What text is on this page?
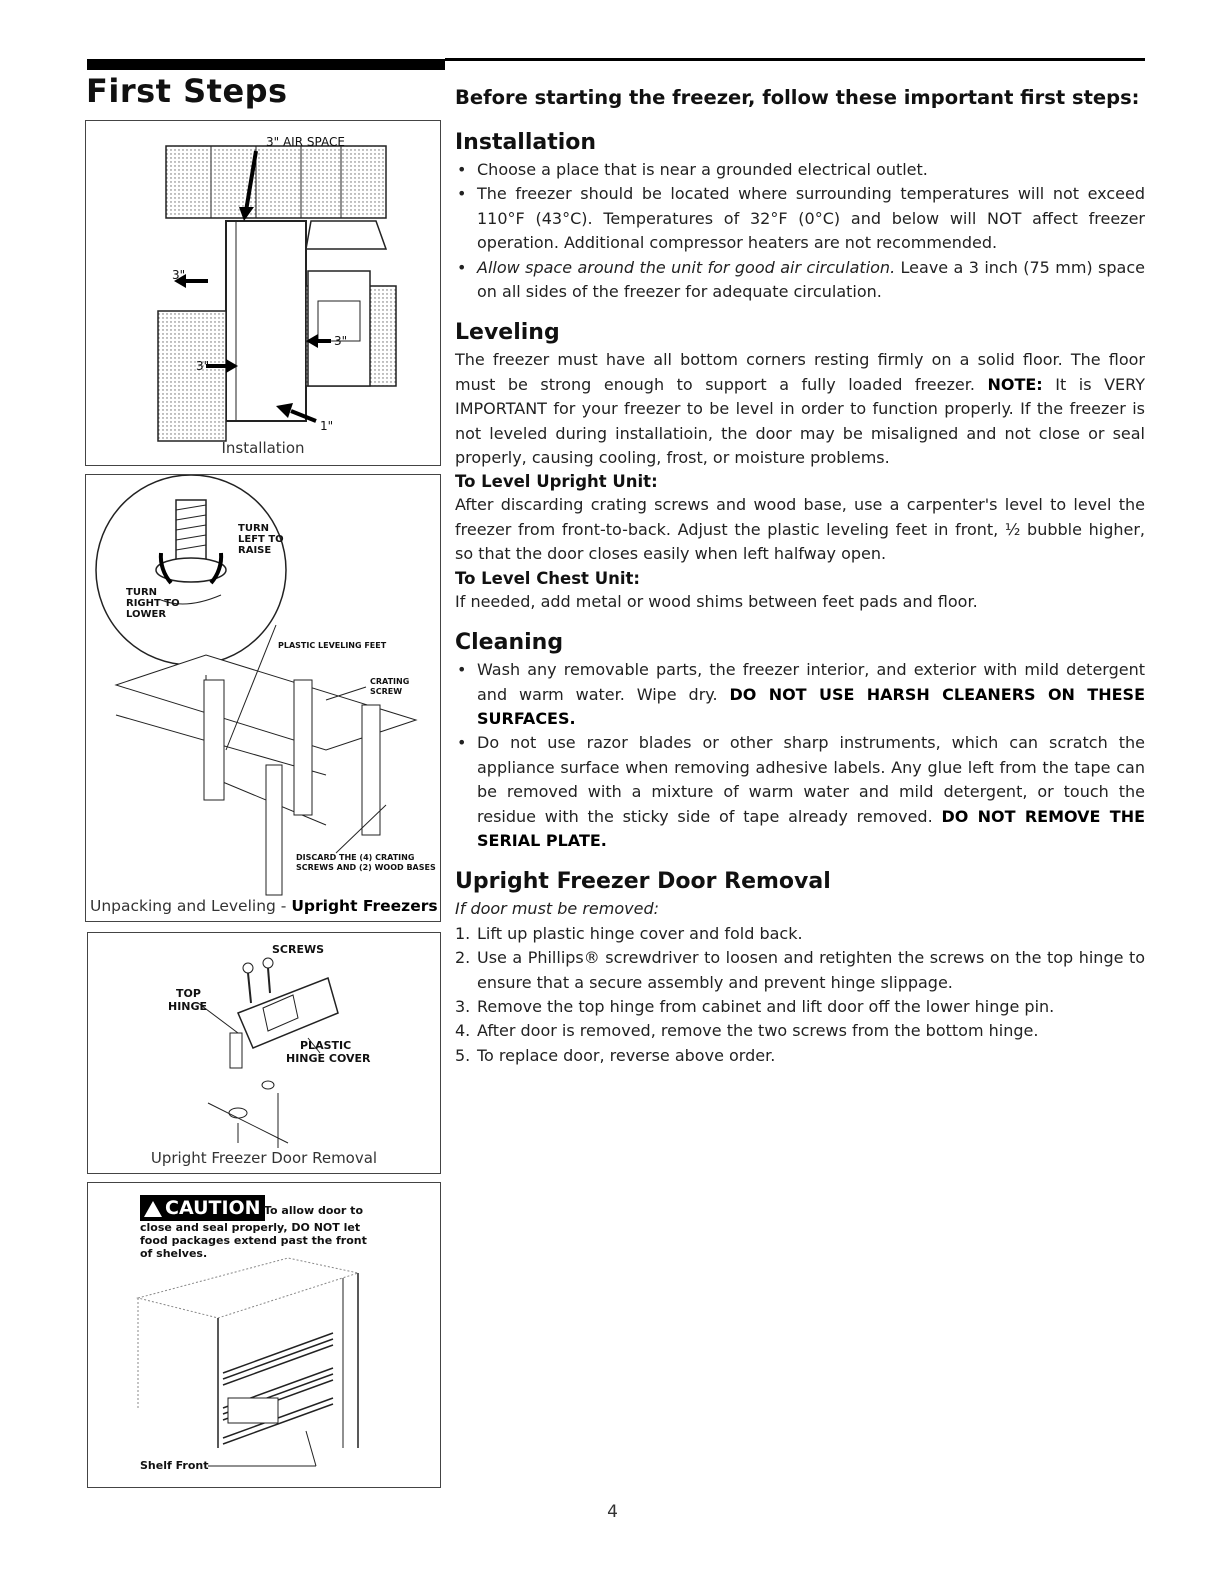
First Steps	Before starting the freezer, follow these important first steps:
3" AIR SPACE
3"
3"
3"
1"
Installation
TURN
LEFT TO
RAISE
TURN
RIGHT TO
LOWER
PLASTIC LEVELING FEET
CRATING
SCREW
DISCARD THE (4) CRATING
SCREWS AND (2) WOOD BASES
Unpacking and Leveling - Upright Freezers
SCREWS
TOP
HINGE
PLASTIC
HINGE COVER
Upright Freezer Door Removal
CAUTION To allow door to
close and seal properly, DO NOT let
food packages extend past the front
of shelves.
Shelf Front
Installation
• Choose a place that is near a grounded electrical outlet.
• The freezer should be located where surrounding temperatures will not exceed 110°F (43°C). Temperatures of 32°F (0°C) and below will NOT affect freezer operation. Additional compressor heaters are not recommended.
• Allow space around the unit for good air circulation. Leave a 3 inch (75 mm) space on all sides of the freezer for adequate circulation.
Leveling

The freezer must have all bottom corners resting firmly on a solid floor. The floor must be strong enough to support a fully loaded freezer. NOTE: It is VERY IMPORTANT for your freezer to be level in order to function properly. If the freezer is not leveled during installatioin, the door may be misaligned and not close or seal properly, causing cooling, frost, or moisture problems.

To Level Upright Unit:

After discarding crating screws and wood base, use a carpenter's level to level the freezer from front-to-back. Adjust the plastic leveling feet in front, ½ bubble higher, so that the door closes easily when left halfway open.

To Level Chest Unit:

If needed, add metal or wood shims between feet pads and floor.

Cleaning
• Wash any removable parts, the freezer interior, and exterior with mild detergent and warm water. Wipe dry. DO NOT USE HARSH CLEANERS ON THESE SURFACES.
• Do not use razor blades or other sharp instruments, which can scratch the appliance surface when removing adhesive labels. Any glue left from the tape can be removed with a mixture of warm water and mild detergent, or touch the residue with the sticky side of tape already removed. DO NOT REMOVE THE SERIAL PLATE.
Upright Freezer Door Removal

If door must be removed:

1. Lift up plastic hinge cover and fold back.
2. Use a Phillips® screwdriver to loosen and retighten the screws on the top hinge to ensure that a secure assembly and prevent hinge slippage.
3. Remove the top hinge from cabinet and lift door off the lower hinge pin.
4. After door is removed, remove the two screws from the bottom hinge.
5. To replace door, reverse above order.
4
